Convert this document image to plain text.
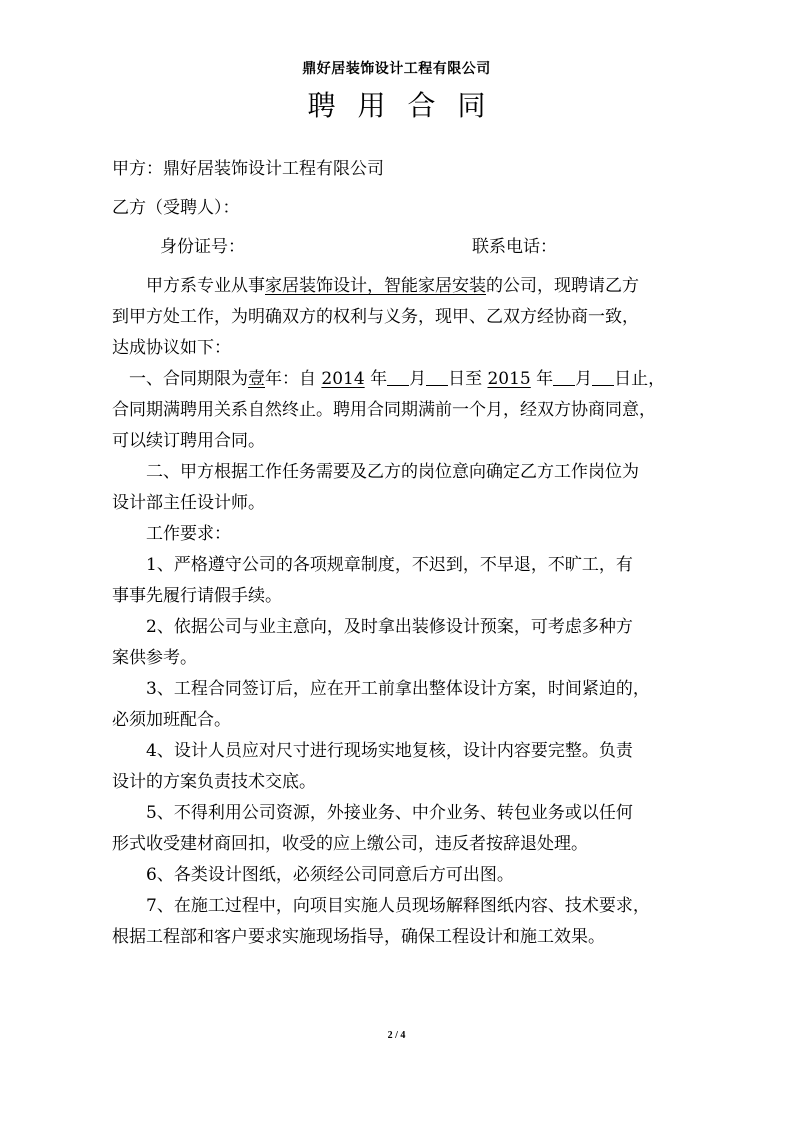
鼎好居装饰设计工程有限公司
聘用合同
甲方：鼎好居装饰设计工程有限公司
乙方（受聘人）：
身份证号：	联系电话：
甲方系专业从事家居装饰设计，智能家居安装的公司，现聘请乙方
到甲方处工作，为明确双方的权利与义务，现甲、乙双方经协商一致，
达成协议如下：
一、合同期限为壹年：自 2014 年 月 日至 2015 年 月 日止，
合同期满聘用关系自然终止。聘用合同期满前一个月，经双方协商同意，
可以续订聘用合同。
二、甲方根据工作任务需要及乙方的岗位意向确定乙方工作岗位为
设计部主任设计师。
工作要求：
1、严格遵守公司的各项规章制度，不迟到，不早退，不旷工，有
事事先履行请假手续。
2、依据公司与业主意向，及时拿出装修设计预案，可考虑多种方
案供参考。
3、工程合同签订后，应在开工前拿出整体设计方案，时间紧迫的，
必须加班配合。
4、设计人员应对尺寸进行现场实地复核，设计内容要完整。负责
设计的方案负责技术交底。
5、不得利用公司资源，外接业务、中介业务、转包业务或以任何
形式收受建材商回扣，收受的应上缴公司，违反者按辞退处理。
6、各类设计图纸，必须经公司同意后方可出图。
7、在施工过程中，向项目实施人员现场解释图纸内容、技术要求，
根据工程部和客户要求实施现场指导，确保工程设计和施工效果。
2 / 4
